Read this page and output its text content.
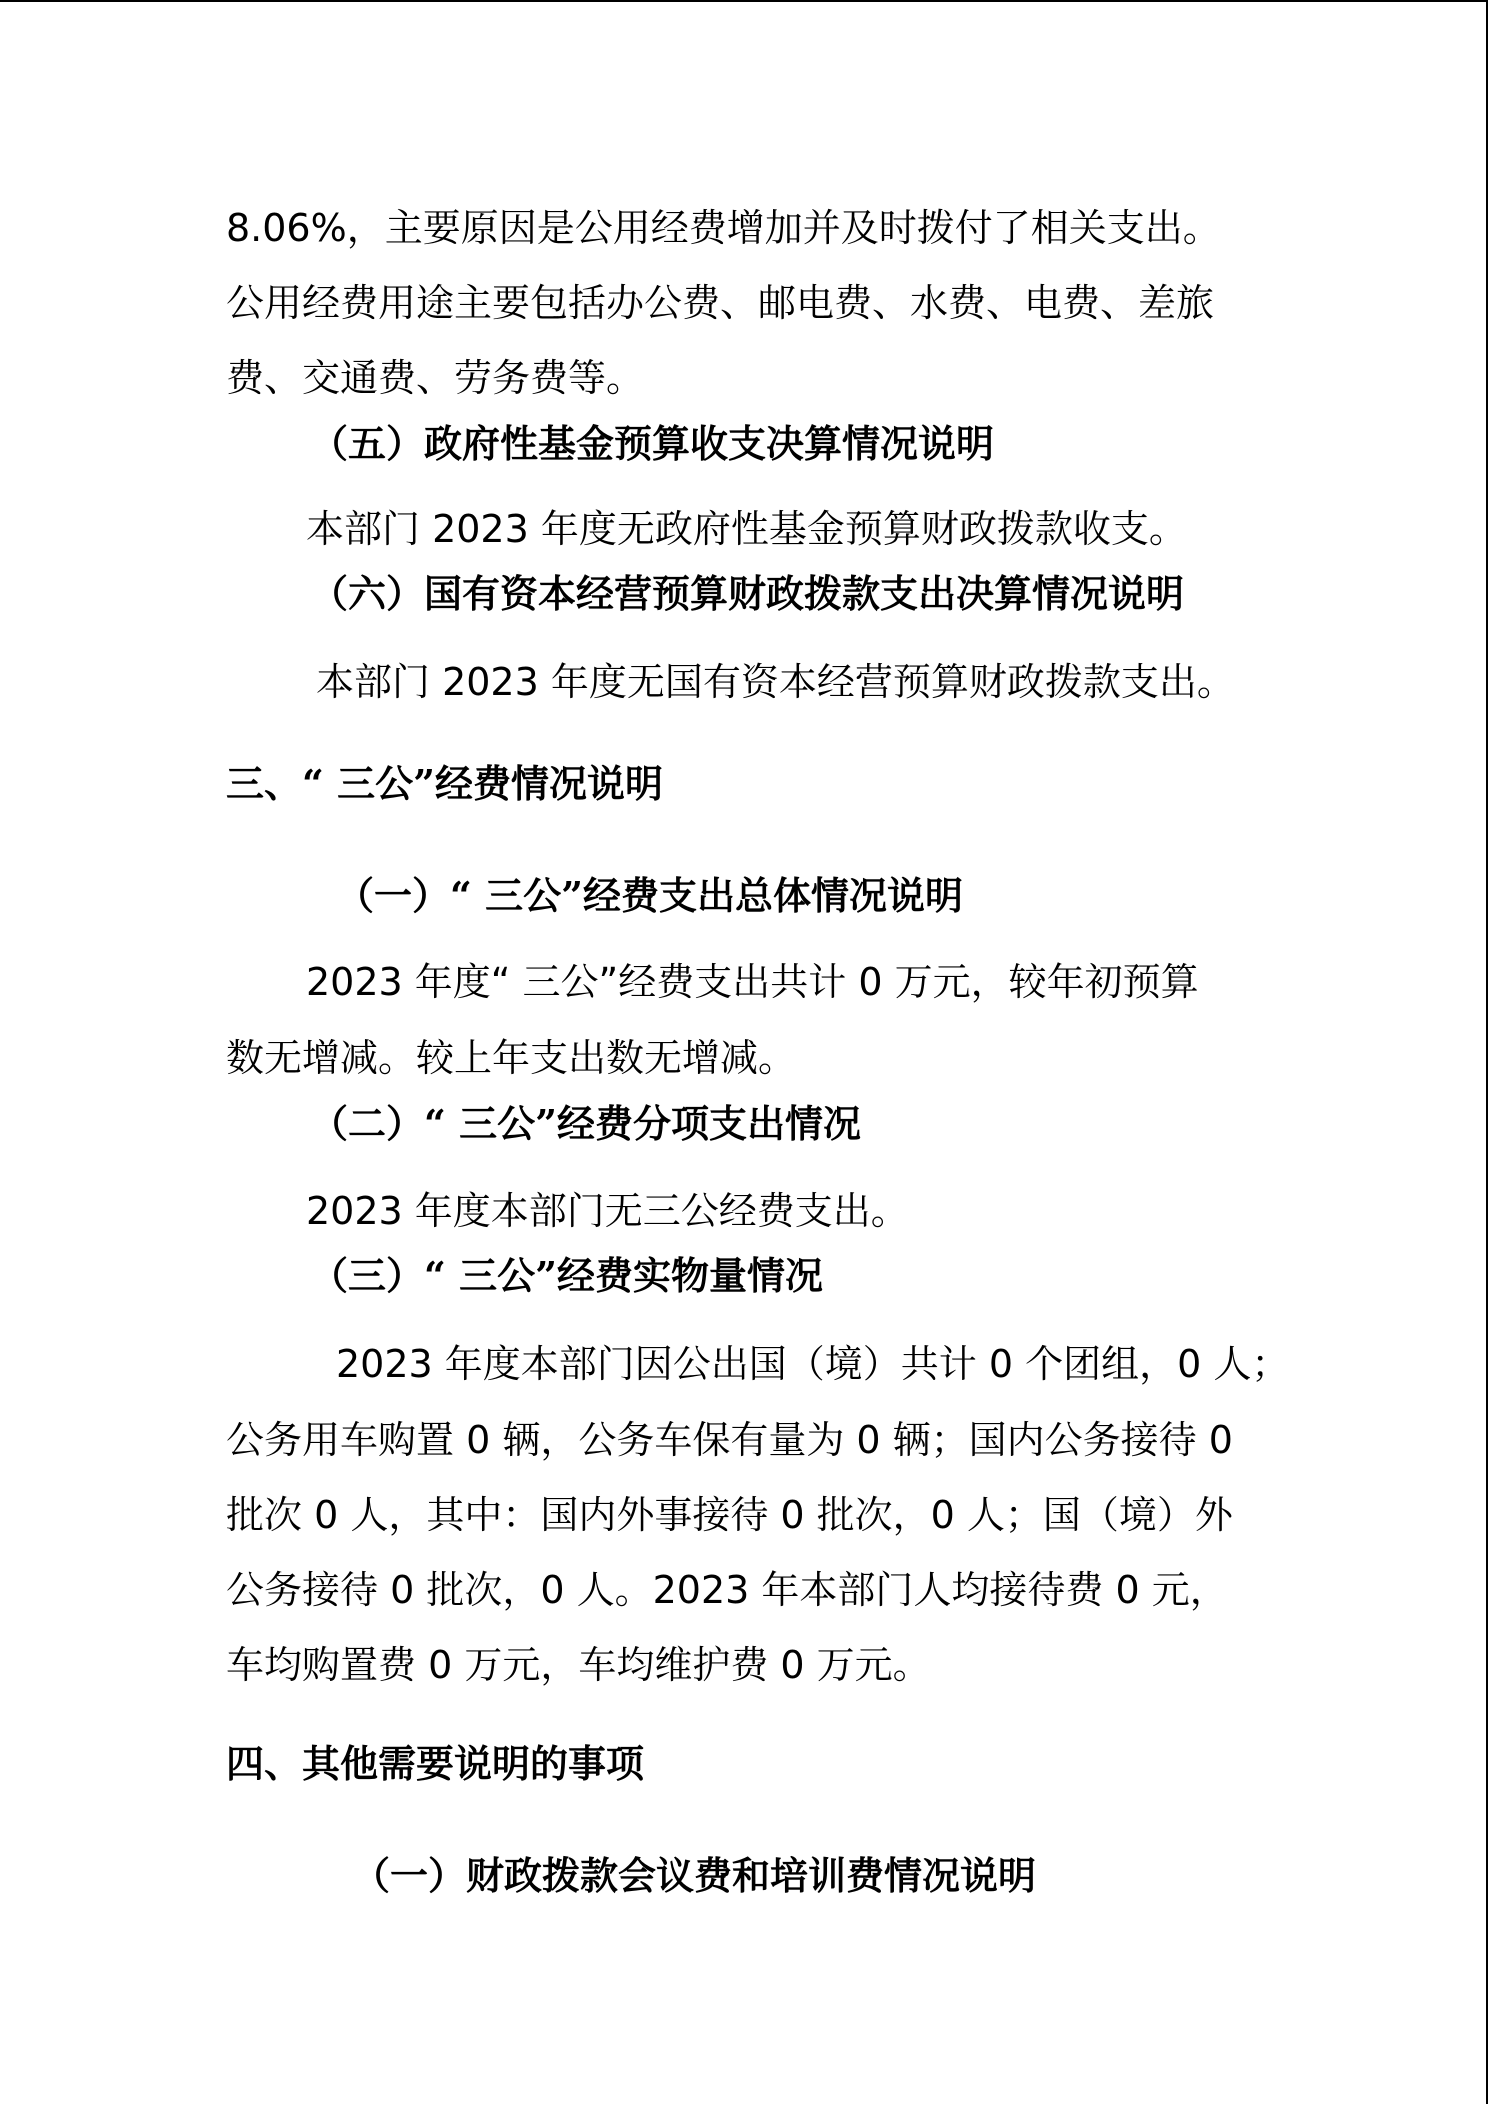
8.06%，主要原因是公用经费增加并及时拨付了相关支出。
公用经费用途主要包括办公费、邮电费、水费、电费、差旅
费、交通费、劳务费等。
（五）政府性基金预算收支决算情况说明
本部门 2023 年度无政府性基金预算财政拨款收支。
（六）国有资本经营预算财政拨款支出决算情况说明
本部门 2023 年度无国有资本经营预算财政拨款支出。
三、“ 三公”经费情况说明
（一）“ 三公”经费支出总体情况说明
2023 年度“ 三公”经费支出共计 0 万元，较年初预算
数无增减。较上年支出数无增减。
（二）“ 三公”经费分项支出情况
2023 年度本部门无三公经费支出。
（三）“ 三公”经费实物量情况
2023 年度本部门因公出国（境）共计 0 个团组，0 人；
公务用车购置 0 辆，公务车保有量为 0 辆；国内公务接待 0
批次 0 人，其中：国内外事接待 0 批次，0 人；国（境）外
公务接待 0 批次，0 人。2023 年本部门人均接待费 0 元，
车均购置费 0 万元，车均维护费 0 万元。
四、其他需要说明的事项
（一）财政拨款会议费和培训费情况说明
